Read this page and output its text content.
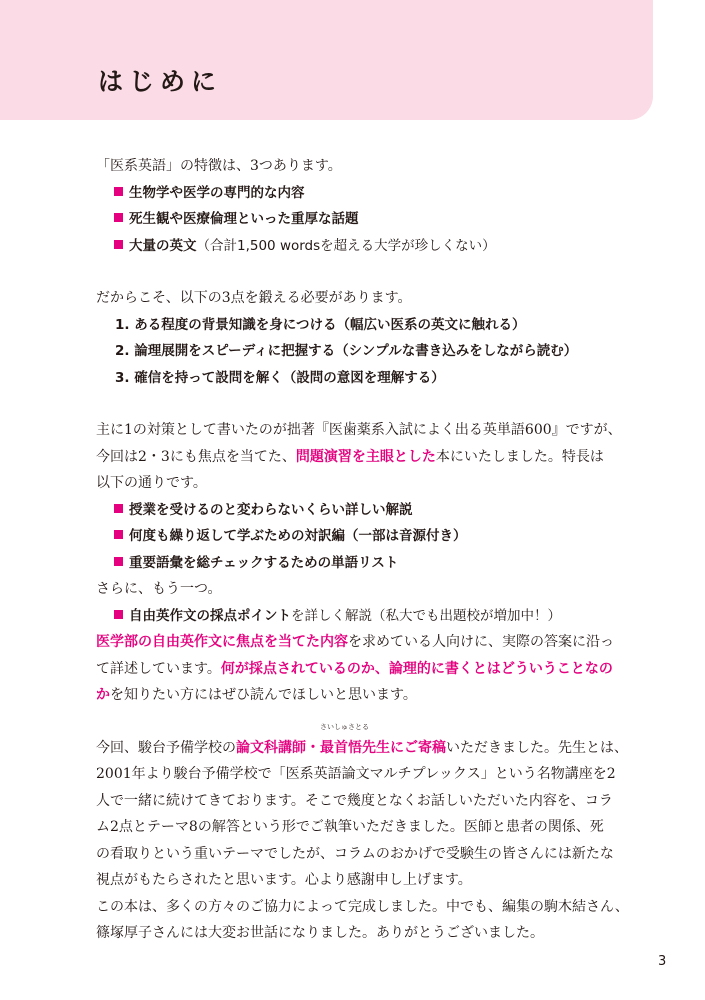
はじめに
「医系英語」の特徴は、3つあります。
生物学や医学の専門的な内容
死生観や医療倫理といった重厚な話題
大量の英文（合計1,500 wordsを超える大学が珍しくない）
だからこそ、以下の3点を鍛える必要があります。
1. ある程度の背景知識を身につける（幅広い医系の英文に触れる）
2. 論理展開をスピーディに把握する（シンプルな書き込みをしながら読む）
3. 確信を持って設問を解く（設問の意図を理解する）
主に1の対策として書いたのが拙著『医歯薬系入試によく出る英単語600』ですが、
今回は2・3にも焦点を当てた、問題演習を主眼とした本にいたしました。特長は
以下の通りです。
授業を受けるのと変わらないくらい詳しい解説
何度も繰り返して学ぶための対訳編（一部は音源付き）
重要語彙を総チェックするための単語リスト
さらに、もう一つ。
自由英作文の採点ポイントを詳しく解説（私大でも出題校が増加中！）
医学部の自由英作文に焦点を当てた内容を求めている人向けに、実際の答案に沿っ
て詳述しています。何が採点されているのか、論理的に書くとはどういうことなの
かを知りたい方にはぜひ読んでほしいと思います。
今回、駿台予備学校の論文科講師・
さいしゅさとる
最首悟先生にご寄稿いただきました。先生とは、
2001年より駿台予備学校で「医系英語論文マルチプレックス」という名物講座を2
人で一緒に続けてきております。そこで幾度となくお話しいただいた内容を、コラ
ム2点とテーマ8の解答という形でご執筆いただきました。医師と患者の関係、死
の看取りという重いテーマでしたが、コラムのおかげで受験生の皆さんには新たな
視点がもたらされたと思います。心より感謝申し上げます。
この本は、多くの方々のご協力によって完成しました。中でも、編集の駒木結さん、
篠塚厚子さんには大変お世話になりました。ありがとうございました。
3
